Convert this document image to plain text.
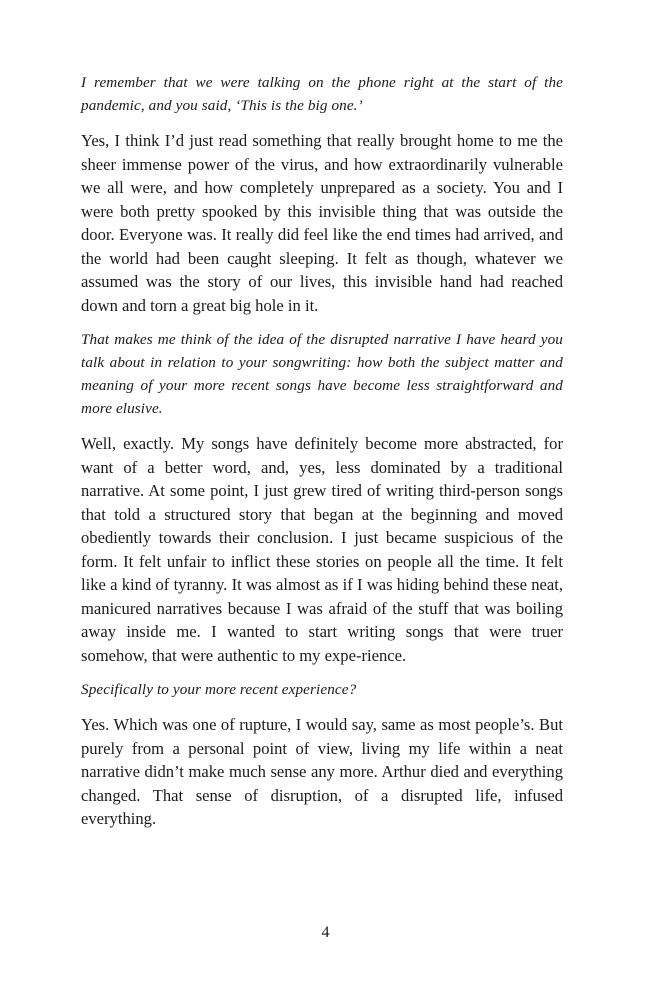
I remember that we were talking on the phone right at the start of the pandemic, and you said, ‘This is the big one.’

Yes, I think I’d just read something that really brought home to me the sheer immense power of the virus, and how extraordinarily vulnerable we all were, and how completely unprepared as a society. You and I were both pretty spooked by this invisible thing that was outside the door. Everyone was. It really did feel like the end times had arrived, and the world had been caught sleeping. It felt as though, whatever we assumed was the story of our lives, this invisible hand had reached down and torn a great big hole in it.

That makes me think of the idea of the disrupted narrative I have heard you talk about in relation to your songwriting: how both the subject matter and meaning of your more recent songs have become less straightforward and more elusive.

Well, exactly. My songs have definitely become more abstracted, for want of a better word, and, yes, less dominated by a traditional narrative. At some point, I just grew tired of writing third-person songs that told a structured story that began at the beginning and moved obediently towards their conclusion. I just became suspicious of the form. It felt unfair to inflict these stories on people all the time. It felt like a kind of tyranny. It was almost as if I was hiding behind these neat, manicured narratives because I was afraid of the stuff that was boiling away inside me. I wanted to start writing songs that were truer somehow, that were authentic to my expe-rience.

Specifically to your more recent experience?

Yes. Which was one of rupture, I would say, same as most people’s. But purely from a personal point of view, living my life within a neat narrative didn’t make much sense any more. Arthur died and everything changed. That sense of disruption, of a disrupted life, infused everything.

4
